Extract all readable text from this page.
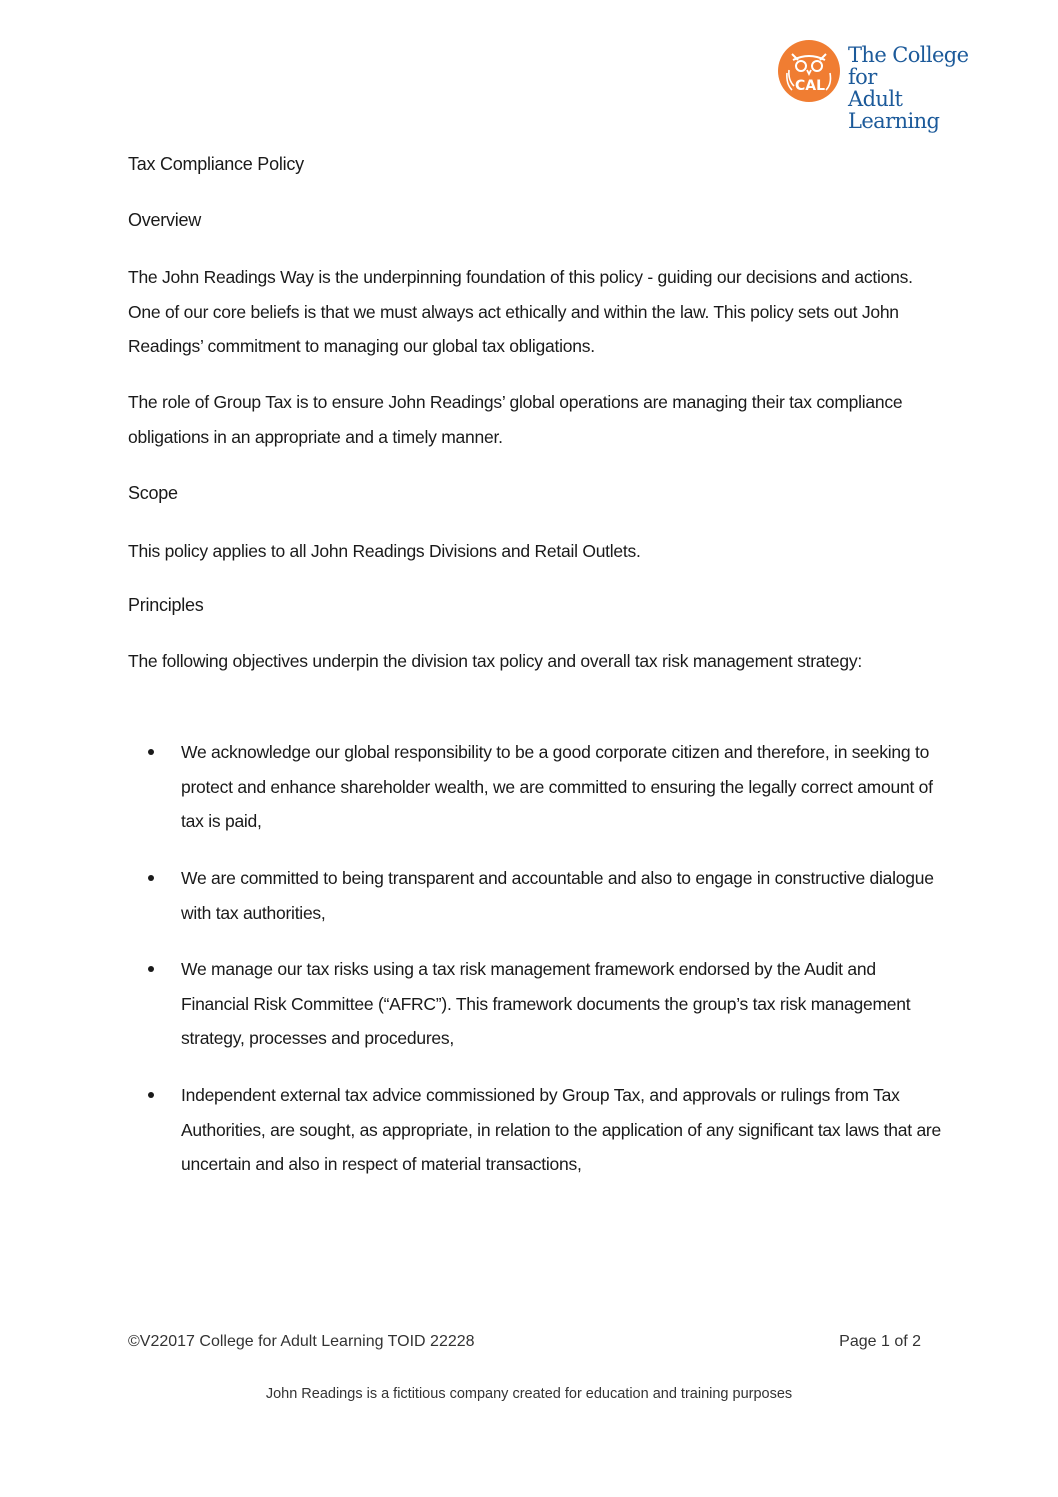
CAL
The College for
Adult Learning
Tax Compliance Policy
Overview
The John Readings Way is the underpinning foundation of this policy - guiding our decisions and actions. One of our core beliefs is that we must always act ethically and within the law. This policy sets out John Readings’ commitment to managing our global tax obligations.
The role of Group Tax is to ensure John Readings’ global operations are managing their tax compliance obligations in an appropriate and a timely manner.
Scope
This policy applies to all John Readings Divisions and Retail Outlets.
Principles
The following objectives underpin the division tax policy and overall tax risk management strategy:
We acknowledge our global responsibility to be a good corporate citizen and therefore, in seeking to protect and enhance shareholder wealth, we are committed to ensuring the legally correct amount of tax is paid,
We are committed to being transparent and accountable and also to engage in constructive dialogue with tax authorities,
We manage our tax risks using a tax risk management framework endorsed by the Audit and Financial Risk Committee (“AFRC”). This framework documents the group’s tax risk management strategy, processes and procedures,
Independent external tax advice commissioned by Group Tax, and approvals or rulings from Tax Authorities, are sought, as appropriate, in relation to the application of any significant tax laws that are uncertain and also in respect of material transactions,
©V22017 College for Adult Learning TOID 22228	Page 1 of 2
John Readings is a fictitious company created for education and training purposes
